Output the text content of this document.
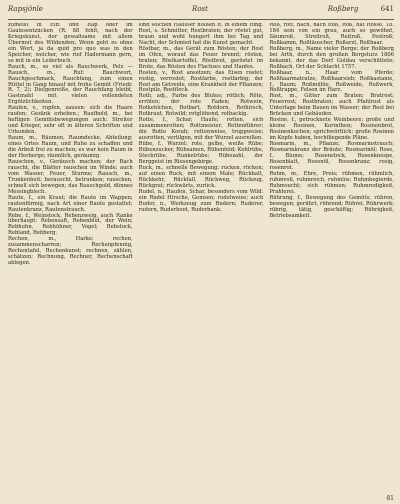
Rapsjönle	Rost	Roßberg	641

zumeist in Ein: und Rap oder im Gaulesentzücken (R. 88 fehlt, nach der Kriegskunst, der gewaltsame mit allem Übermut des Wildenden; Wenn geht es ohne ein Wort, ja da quid pro quo was in den Speicher, welcher, wie rief Hadermann gern, so mit in ein Lederbuch.

Rauch, m., so viel als Rauchwerk, Pelz — Rausch, m., Ruf: Rauchwort, Rauchgeschmack, Rauchfang, zum einen Rüttel in Gang hinauf mit frohe Gemüt (Friedr. R. 7, 2); Dielgenreiße, der Rauchfang bleibt, Gastmahl mit vielen vollendeten Ergötzlichkeiten.

Raufen, v., rupfen, zausen: sich die Haare raufen; Gezänk erheben.; Raufbold, m., bei heftigen Gemütsbewegungen auch: Streiter und Krieger, sehr oft in älteren Schriften und Urkunden.

Raum, m., Räumen, Raumdecke, Abteilung: eines Ortes Raum, und Ruhe zu schaffen und die Arbeit frei zu machen; es war kein Raum in der Herberge; räumlich, geräumig.

Rauschen, v., Geräusch machen; der Bach rauscht, die Blätter rauschen im Winde; auch vom Wasser, Feuer, Sturme; Rausch, m., Trunkenheit; berauscht, betrunken; rauschen, schnell sich bewegen; das Rauschgold, dünnes Messingblech.

Raute, f., ein Kraut; die Raute im Wappen; rautenförmig, nach Art einer Raute gestaltet; Rautenkranz, Rautenstrauch.

Rebe, f., Weinstock, Rebenzweig, auch Ranke überhaupt: Rebensaft, Rebenblut, der Wein; Rebhuhn, Rebhühner, Vogel; Rebstock, Rebland, Rebberg.

Rechen, m., Harke; rechen, zusammenscharren; Rechenpfennig, Rechentafel, Rechenkunst; rechnen, zählen, schätzen; Rechnung, Rechner, Rechenschaft ablegen.

sind solchen Häusser hölßen R. in einem Ring. Rost, s. Schmitter, Rostbraten; der röstet gut, braun und wohl hungert ihm bei Tag und Nacht, der Schmied hat die Kunst gemacht.

Röstbar, m., das Gerät zum Rösten; der Rost im Ofen, worauf das Feuer brennt; rösten, braten; Röstkartoffel, Röstbrot, geröstet im Brote, das Rösten des Flachses und Hanfes.

Rosten, v., Rost ansetzen; das Eisen rostet; rostig, verrostet; Rostfarbe, rostfarbig; der Rost am Getreide, eine Krankheit der Pflanzen; Rostpilz, Rostfleck.

Roth, adj., Farbe des Blutes; rötlich, Röte, erröten; der rote Faden; Rotwein, Rotkehlchen, Rotbart, Rotdorn, Rothirsch, Rotkraut, Rotwild; rotglühend, rotbackig.

Rotte, f., Schar, Haufe; rotten, sich zusammenrotten; Rottmeister, Rottenführer; die Rotte Korah; rottenweise, truppweise; ausrotten, vertilgen, mit der Wurzel ausreißen.

Rübe, f., Wurzel: rote, gelbe, weiße Rübe; Rübenzucker, Rübsamen, Rübenfeld; Kohlrübe, Steckrübe, Runkelrübe; Rübezahl, der Berggeist im Riesengebirge.

Ruck, m., schnelle Bewegung; rucken, rücken; auf einen Ruck, mit einem Male; Rückhalt, Rückkehr, Rückfall, Rückweg, Rückzug, Rückgrat; rückwärts, zurück.

Rudel, n., Haufen, Schar, besonders vom Wild: ein Rudel Hirsche, Gemsen; rudelweise; auch Ruder, n., Werkzeug zum Rudern; Ruderer, rudern, Ruderboot, Ruderbank.

Roß, rott, nach, nach Roß, Roß, hat Rosse, 18. 184 sein von ein grau, auch so gewöhnt, Säumroß, Streitroß, Reitroß, Postroß; Roßkamm, Roßtäuscher, Roßarzt, Roßhaar.

Roßberg, m., Name vieler Berge; der Roßberg bei Arth, durch den großen Bergsturz 1806 bekannt, der das Dorf Goldau verschüttete; Roßbach, Ort der Schlacht 1757.

Roßhaar, n., Haar vom Pferde; Roßhaarmatratze, Roßhaarsieb; Roßkastanie, f., Baum; Roßmühle, Roßweide, Roßwerk, Roßtrappe, Felsen im Harz.

Rost, m., Gitter zum Braten; Bratrost; Feuerrost; Rostbraten; auch Pfahlrost als Unterlage beim Bauen im Wasser; der Rost bei Brücken und Gebäuden.

Rosine, f., getrocknete Weinbeere; große und kleine Rosinen, Korinthen; Rosinenbrot, Rosinenkuchen; sprichwörtlich: große Rosinen im Kopfe haben, hochfliegende Pläne.

Rosmarin, m., Pflanze; Rosmarinstrauch; Rosmarinkranz der Bräute; Rosmarinöl; Rose, f., Blume; Rosenstock, Rosenknospe, Rosenblatt, Rosenöl, Rosenkranz; rosig, rosenrot.

Ruhm, m., Ehre, Preis; rühmen, rühmlich, ruhmvoll, ruhmreich, ruhmlos; Ruhmbegierde, Ruhmsucht; sich rühmen; Ruhmredigkeit, Prahlerei.

Rührung, f., Bewegung des Gemüts; rühren, bewegen; gerührt, rührend; Rührei, Rührwerk; rührig, tätig, geschäftig; Rührigkeit, Betriebsamkeit.

81
